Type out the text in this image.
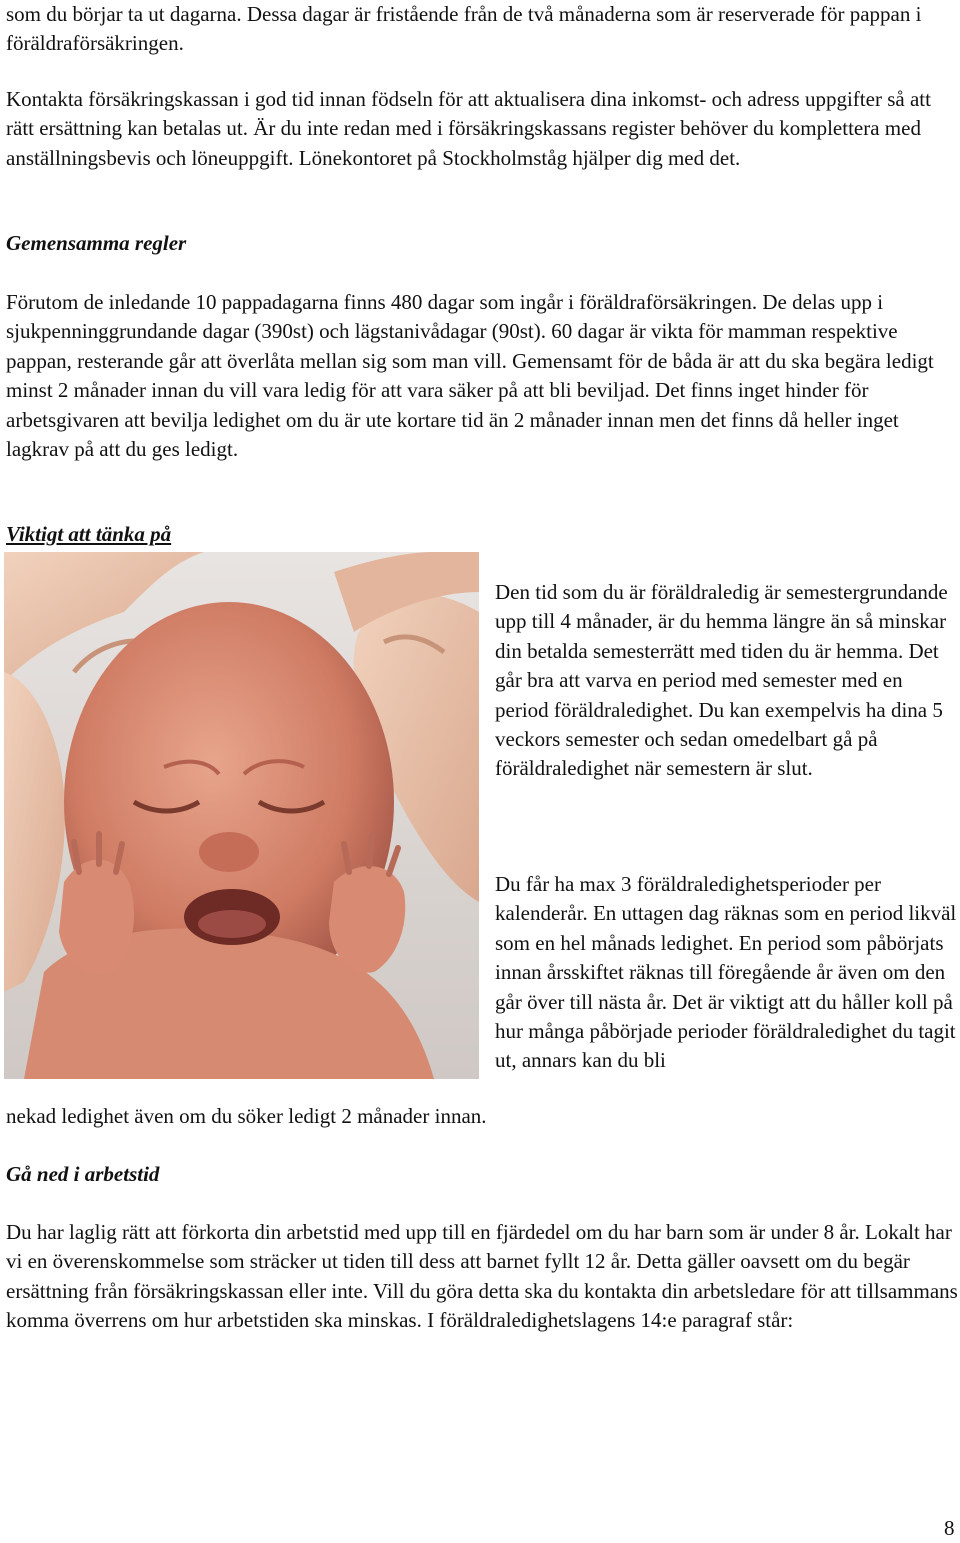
som du börjar ta ut dagarna. Dessa dagar är fristående från de två månaderna som är reserverade för pappan i föräldraförsäkringen.

Kontakta försäkringskassan i god tid innan födseln för att aktualisera dina inkomst- och adress uppgifter så att rätt ersättning kan betalas ut. Är du inte redan med i försäkringskassans register behöver du komplettera med anställningsbevis och löneuppgift. Lönekontoret på Stockholmståg hjälper dig med det.

Gemensamma regler

Förutom de inledande 10 pappadagarna finns 480 dagar som ingår i föräldraförsäkringen. De delas upp i sjukpenninggrundande dagar (390st) och lägstanivådagar (90st). 60 dagar är vikta för mamman respektive pappan, resterande går att överlåta mellan sig som man vill. Gemensamt för de båda är att du ska begära ledigt minst 2 månader innan du vill vara ledig för att vara säker på att bli beviljad. Det finns inget hinder för arbetsgivaren att bevilja ledighet om du är ute kortare tid än 2 månader innan men det finns då heller inget lagkrav på att du ges ledigt.

Viktigt att tänka på

Den tid som du är föräldraledig är semestergrundande upp till 4 månader, är du hemma längre än så minskar din betalda semesterrätt med tiden du är hemma. Det går bra att varva en period med semester med en period föräldraledighet. Du kan exempelvis ha dina 5 veckors semester och sedan omedelbart gå på föräldraledighet när semestern är slut.

Du får ha max 3 föräldraledighetsperioder per kalenderår. En uttagen dag räknas som en period likväl som en hel månads ledighet. En period som påbörjats innan årsskiftet räknas till föregående år även om den går över till nästa år. Det är viktigt att du håller koll på hur många påbörjade perioder föräldraledighet du tagit ut, annars kan du bli

nekad ledighet även om du söker ledigt 2 månader innan.

Gå ned i arbetstid

Du har laglig rätt att förkorta din arbetstid med upp till en fjärdedel om du har barn som är under 8 år. Lokalt har vi en överenskommelse som sträcker ut tiden till dess att barnet fyllt 12 år. Detta gäller oavsett om du begär ersättning från försäkringskassan eller inte. Vill du göra detta ska du kontakta din arbetsledare för att tillsammans komma överrens om hur arbetstiden ska minskas. I föräldraledighetslagens 14:e paragraf står:

8
